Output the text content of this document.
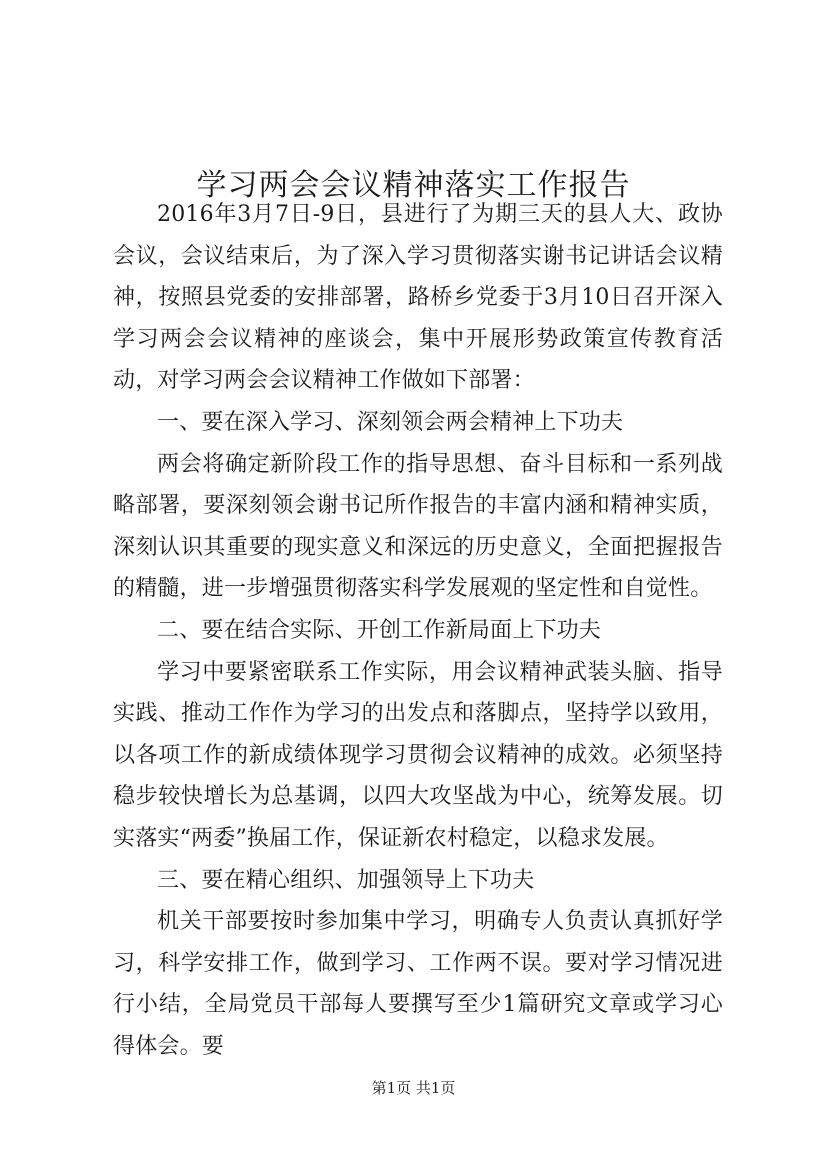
学习两会会议精神落实工作报告

2016年3月7日-9日，县进行了为期三天的县人大、政协会议，会议结束后，为了深入学习贯彻落实谢书记讲话会议精神，按照县党委的安排部署，路桥乡党委于3月10日召开深入学习两会会议精神的座谈会，集中开展形势政策宣传教育活动，对学习两会会议精神工作做如下部署：

一、要在深入学习、深刻领会两会精神上下功夫

两会将确定新阶段工作的指导思想、奋斗目标和一系列战略部署，要深刻领会谢书记所作报告的丰富内涵和精神实质，深刻认识其重要的现实意义和深远的历史意义，全面把握报告的精髓，进一步增强贯彻落实科学发展观的坚定性和自觉性。

二、要在结合实际、开创工作新局面上下功夫

学习中要紧密联系工作实际，用会议精神武装头脑、指导实践、推动工作作为学习的出发点和落脚点，坚持学以致用，以各项工作的新成绩体现学习贯彻会议精神的成效。必须坚持稳步较快增长为总基调，以四大攻坚战为中心，统筹发展。切实落实“两委”换届工作，保证新农村稳定，以稳求发展。

三、要在精心组织、加强领导上下功夫

机关干部要按时参加集中学习，明确专人负责认真抓好学习，科学安排工作，做到学习、工作两不误。要对学习情况进行小结，全局党员干部每人要撰写至少1篇研究文章或学习心得体会。要

第1页 共1页
